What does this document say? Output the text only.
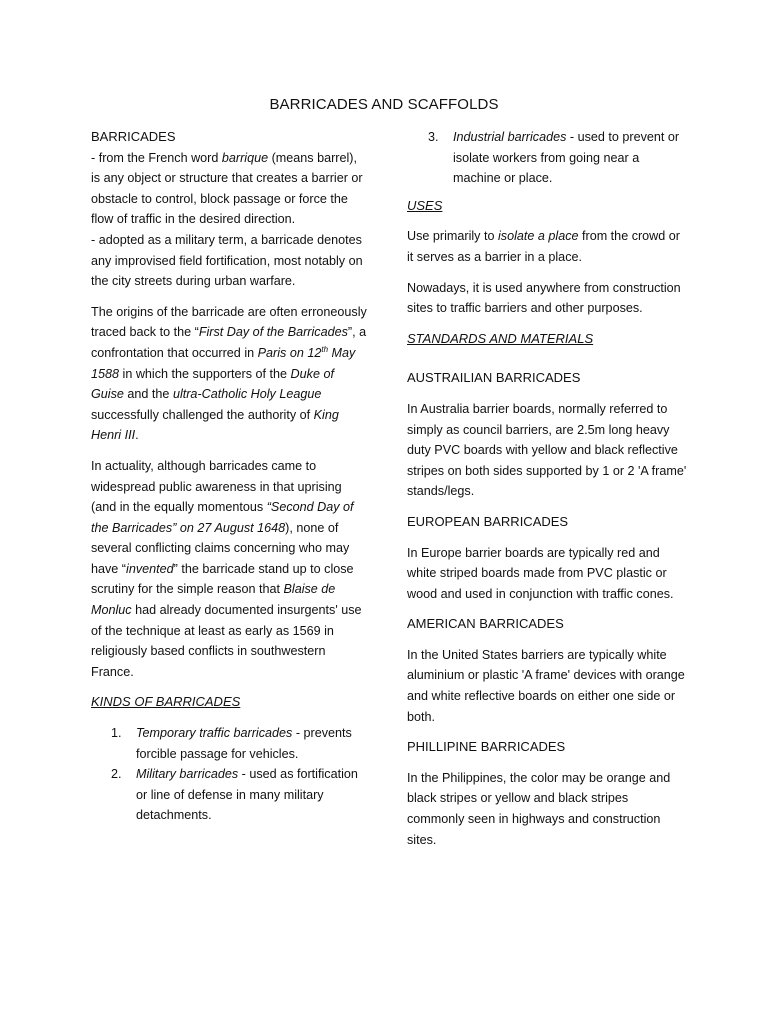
BARRICADES AND SCAFFOLDS

BARRICADES

- from the French word barrique (means barrel), is any object or structure that creates a barrier or obstacle to control, block passage or force the flow of traffic in the desired direction.

- adopted as a military term, a barricade denotes any improvised field fortification, most notably on the city streets during urban warfare.

The origins of the barricade are often erroneously traced back to the “First Day of the Barricades”, a confrontation that occurred in Paris on 12th May 1588 in which the supporters of the Duke of Guise and the ultra-Catholic Holy League successfully challenged the authority of King Henri III.

In actuality, although barricades came to widespread public awareness in that uprising (and in the equally momentous “Second Day of the Barricades” on 27 August 1648), none of several conflicting claims concerning who may have “invented” the barricade stand up to close scrutiny for the simple reason that Blaise de Monluc had already documented insurgents' use of the technique at least as early as 1569 in religiously based conflicts in southwestern France.

KINDS OF BARRICADES

1. Temporary traffic barricades - prevents forcible passage for vehicles.
2. Military barricades - used as fortification or line of defense in many military detachments.
3. Industrial barricades - used to prevent or isolate workers from going near a machine or place.

USES

Use primarily to isolate a place from the crowd or it serves as a barrier in a place.

Nowadays, it is used anywhere from construction sites to traffic barriers and other purposes.

STANDARDS AND MATERIALS

AUSTRAILIAN BARRICADES

In Australia barrier boards, normally referred to simply as council barriers, are 2.5m long heavy duty PVC boards with yellow and black reflective stripes on both sides supported by 1 or 2 'A frame' stands/legs.

EUROPEAN BARRICADES

In Europe barrier boards are typically red and white striped boards made from PVC plastic or wood and used in conjunction with traffic cones.

AMERICAN BARRICADES

In the United States barriers are typically white aluminium or plastic 'A frame' devices with orange and white reflective boards on either one side or both.

PHILLIPINE BARRICADES

In the Philippines, the color may be orange and black stripes or yellow and black stripes commonly seen in highways and construction sites.
